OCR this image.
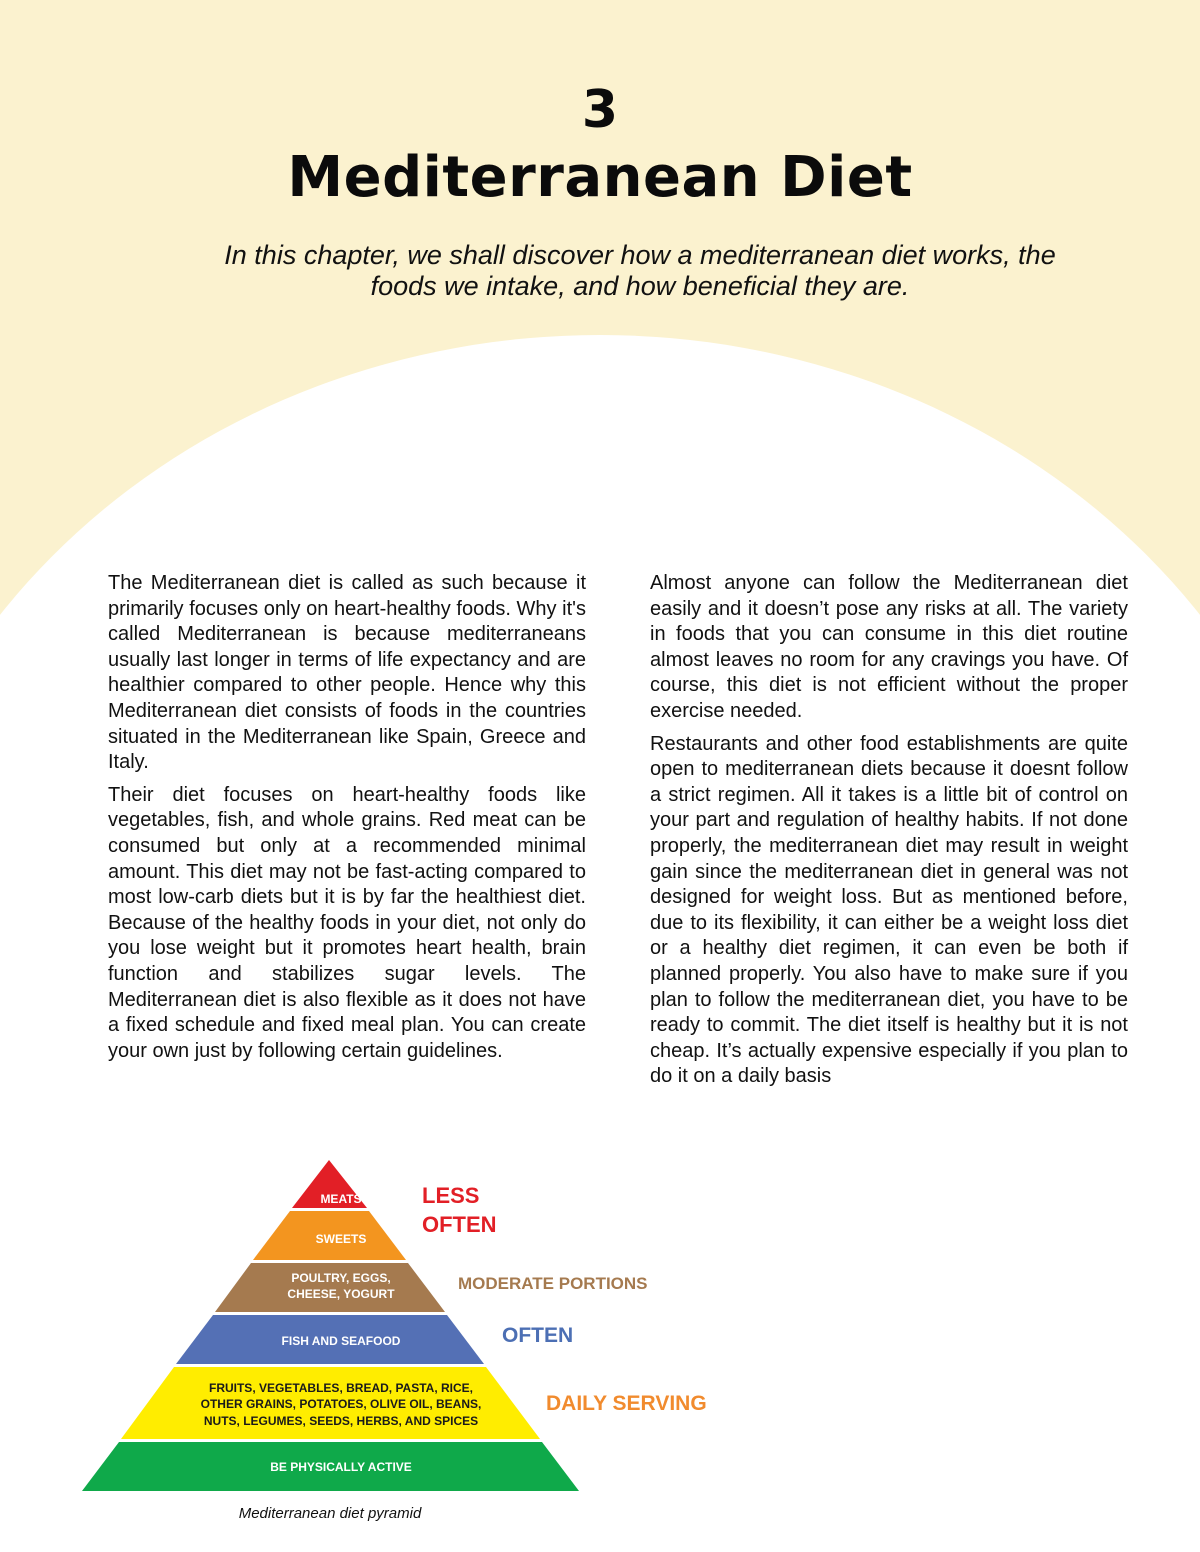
3
Mediterranean Diet
In this chapter, we shall discover how a mediterranean diet works, the foods we intake, and how beneficial they are.

The Mediterranean diet is called as such because it primarily focuses only on heart-healthy foods. Why it's called Mediterranean is because mediterraneans usually last longer in terms of life expectancy and are healthier compared to other people. Hence why this Mediterranean diet consists of foods in the countries situated in the Mediterranean like Spain, Greece and Italy.

Their diet focuses on heart-healthy foods like vegetables, fish, and whole grains. Red meat can be consumed but only at a recommended minimal amount. This diet may not be fast-acting compared to most low-carb diets but it is by far the healthiest diet. Because of the healthy foods in your diet, not only do you lose weight but it promotes heart health, brain function and stabilizes sugar levels. The Mediterranean diet is also flexible as it does not have a fixed schedule and fixed meal plan. You can create your own just by following certain guidelines.

Almost anyone can follow the Mediterranean diet easily and it doesn’t pose any risks at all. The variety in foods that you can consume in this diet routine almost leaves no room for any cravings you have. Of course, this diet is not efficient without the proper exercise needed.

Restaurants and other food establishments are quite open to mediterranean diets because it doesnt follow a strict regimen. All it takes is a little bit of control on your part and regulation of healthy habits. If not done properly, the mediterranean diet may result in weight gain since the mediterranean diet in general was not designed for weight loss. But as mentioned before, due to its flexibility, it can either be a weight loss diet or a healthy diet regimen, it can even be both if planned properly. You also have to make sure if you plan to follow the mediterranean diet, you have to be ready to commit. The diet itself is healthy but it is not cheap. It’s actually expensive especially if you plan to do it on a daily basis

MEATS
SWEETS
POULTRY, EGGS,
CHEESE, YOGURT
FISH AND SEAFOOD
FRUITS, VEGETABLES, BREAD, PASTA, RICE,
OTHER GRAINS, POTATOES, OLIVE OIL, BEANS,
NUTS, LEGUMES, SEEDS, HERBS, AND SPICES
BE PHYSICALLY ACTIVE
LESS
OFTEN
MODERATE PORTIONS
OFTEN
DAILY SERVING
Mediterranean diet pyramid
